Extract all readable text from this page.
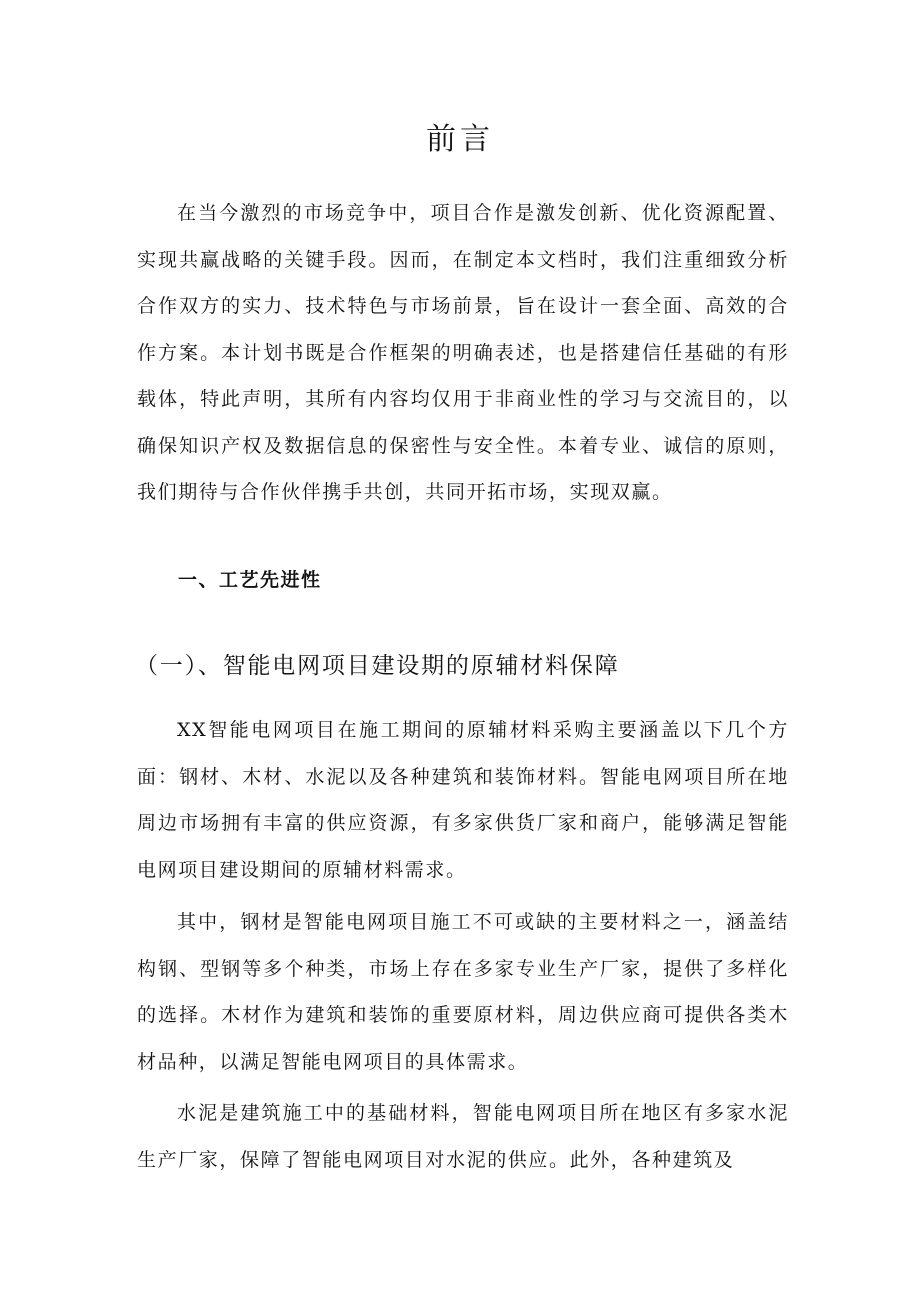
前言

在当今激烈的市场竞争中，项目合作是激发创新、优化资源配置、实现共赢战略的关键手段。因而，在制定本文档时，我们注重细致分析合作双方的实力、技术特色与市场前景，旨在设计一套全面、高效的合作方案。本计划书既是合作框架的明确表述，也是搭建信任基础的有形载体，特此声明，其所有内容均仅用于非商业性的学习与交流目的，以确保知识产权及数据信息的保密性与安全性。本着专业、诚信的原则，我们期待与合作伙伴携手共创，共同开拓市场，实现双赢。

一、工艺先进性
（一）、智能电网项目建设期的原辅材料保障

XX智能电网项目在施工期间的原辅材料采购主要涵盖以下几个方面：钢材、木材、水泥以及各种建筑和装饰材料。智能电网项目所在地周边市场拥有丰富的供应资源，有多家供货厂家和商户，能够满足智能电网项目建设期间的原辅材料需求。

其中，钢材是智能电网项目施工不可或缺的主要材料之一，涵盖结构钢、型钢等多个种类，市场上存在多家专业生产厂家，提供了多样化的选择。木材作为建筑和装饰的重要原材料，周边供应商可提供各类木材品种，以满足智能电网项目的具体需求。

水泥是建筑施工中的基础材料，智能电网项目所在地区有多家水泥生产厂家，保障了智能电网项目对水泥的供应。此外，各种建筑及
